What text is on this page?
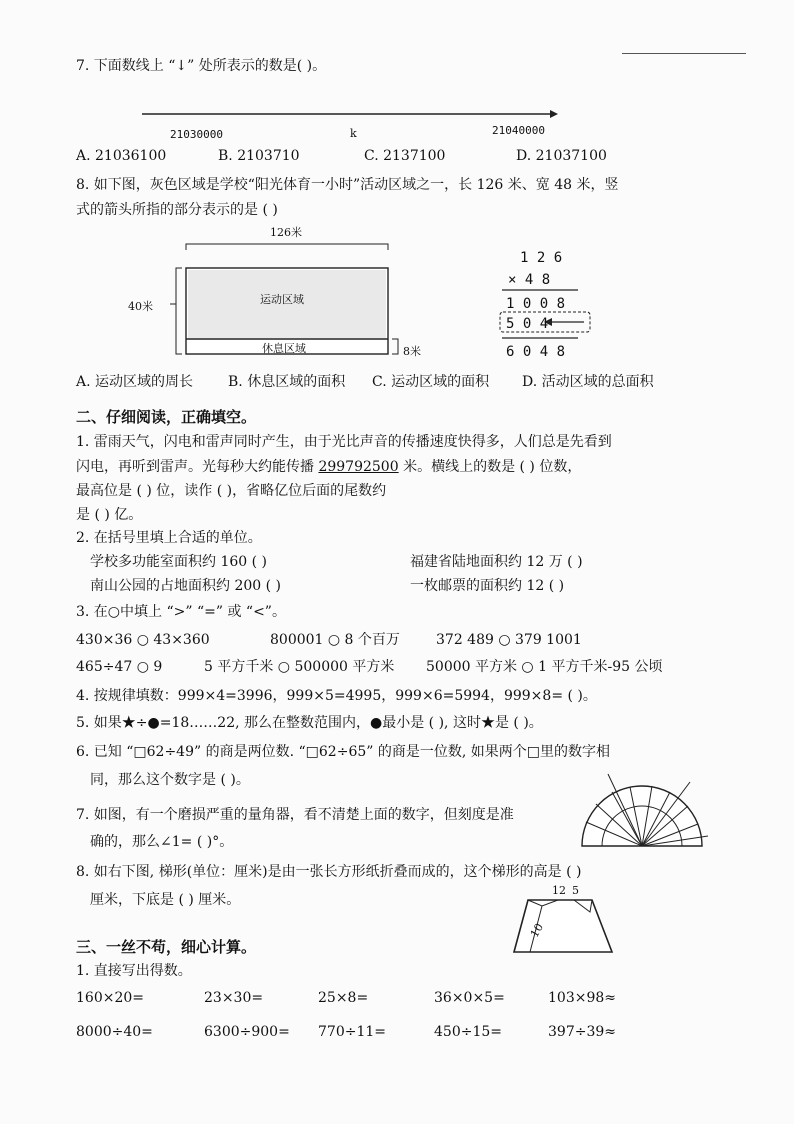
7. 下面数线上 “↓” 处所表示的数是( )。
21030000	k	21040000
A. 21036100	B. 2103710	C. 2137100	D. 21037100
8. 如下图，灰色区域是学校“阳光体育一小时”活动区域之一，长 126 米、宽 48 米，竖
式的箭头所指的部分表示的是 ( )
126米
40米
运动区域
休息区域	8米
1 2 6
× 4 8
1 0 0 8
5 0 4
6 0 4 8
A. 运动区域的周长 B. 休息区域的面积 C. 运动区域的面积 D. 活动区域的总面积
二、仔细阅读，正确填空。
1. 雷雨天气，闪电和雷声同时产生，由于光比声音的传播速度快得多，人们总是先看到
闪电，再听到雷声。光每秒大约能传播 299792500 米。横线上的数是 ( ) 位数，
最高位是 ( ) 位，读作 ( )，省略亿位后面的尾数约
是 ( ) 亿。
2. 在括号里填上合适的单位。
学校多功能室面积约 160 ( )	福建省陆地面积约 12 万 ( )
南山公园的占地面积约 200 ( )	一枚邮票的面积约 12 ( )
3. 在○中填上 “>” “=” 或 “<”。
430×36 ○ 43×360	800001 ○ 8 个百万	372 489 ○ 379 1001
465÷47 ○ 9	5 平方千米 ○ 500000 平方米 50000 平方米 ○ 1 平方千米-95 公顷
4. 按规律填数：999×4=3996，999×5=4995，999×6=5994，999×8= ( )。
5. 如果★÷●=18……22, 那么在整数范围内，●最小是 ( ), 这时★是 ( )。
6. 已知 “□62÷49” 的商是两位数. “□62÷65” 的商是一位数, 如果两个□里的数字相
同，那么这个数字是 ( )。
7. 如图，有一个磨损严重的量角器，看不清楚上面的数字，但刻度是准
确的，那么∠1= ( )°。
8. 如右下图, 梯形(单位：厘米)是由一张长方形纸折叠而成的，这个梯形的高是 ( )
厘米，下底是 ( ) 厘米。
12 5
10
三、一丝不苟，细心计算。
1. 直接写出得数。
160×20=	23×30=	25×8=	36×0×5=	103×98≈
8000÷40=	6300÷900= 770÷11=	450÷15=	397÷39≈
